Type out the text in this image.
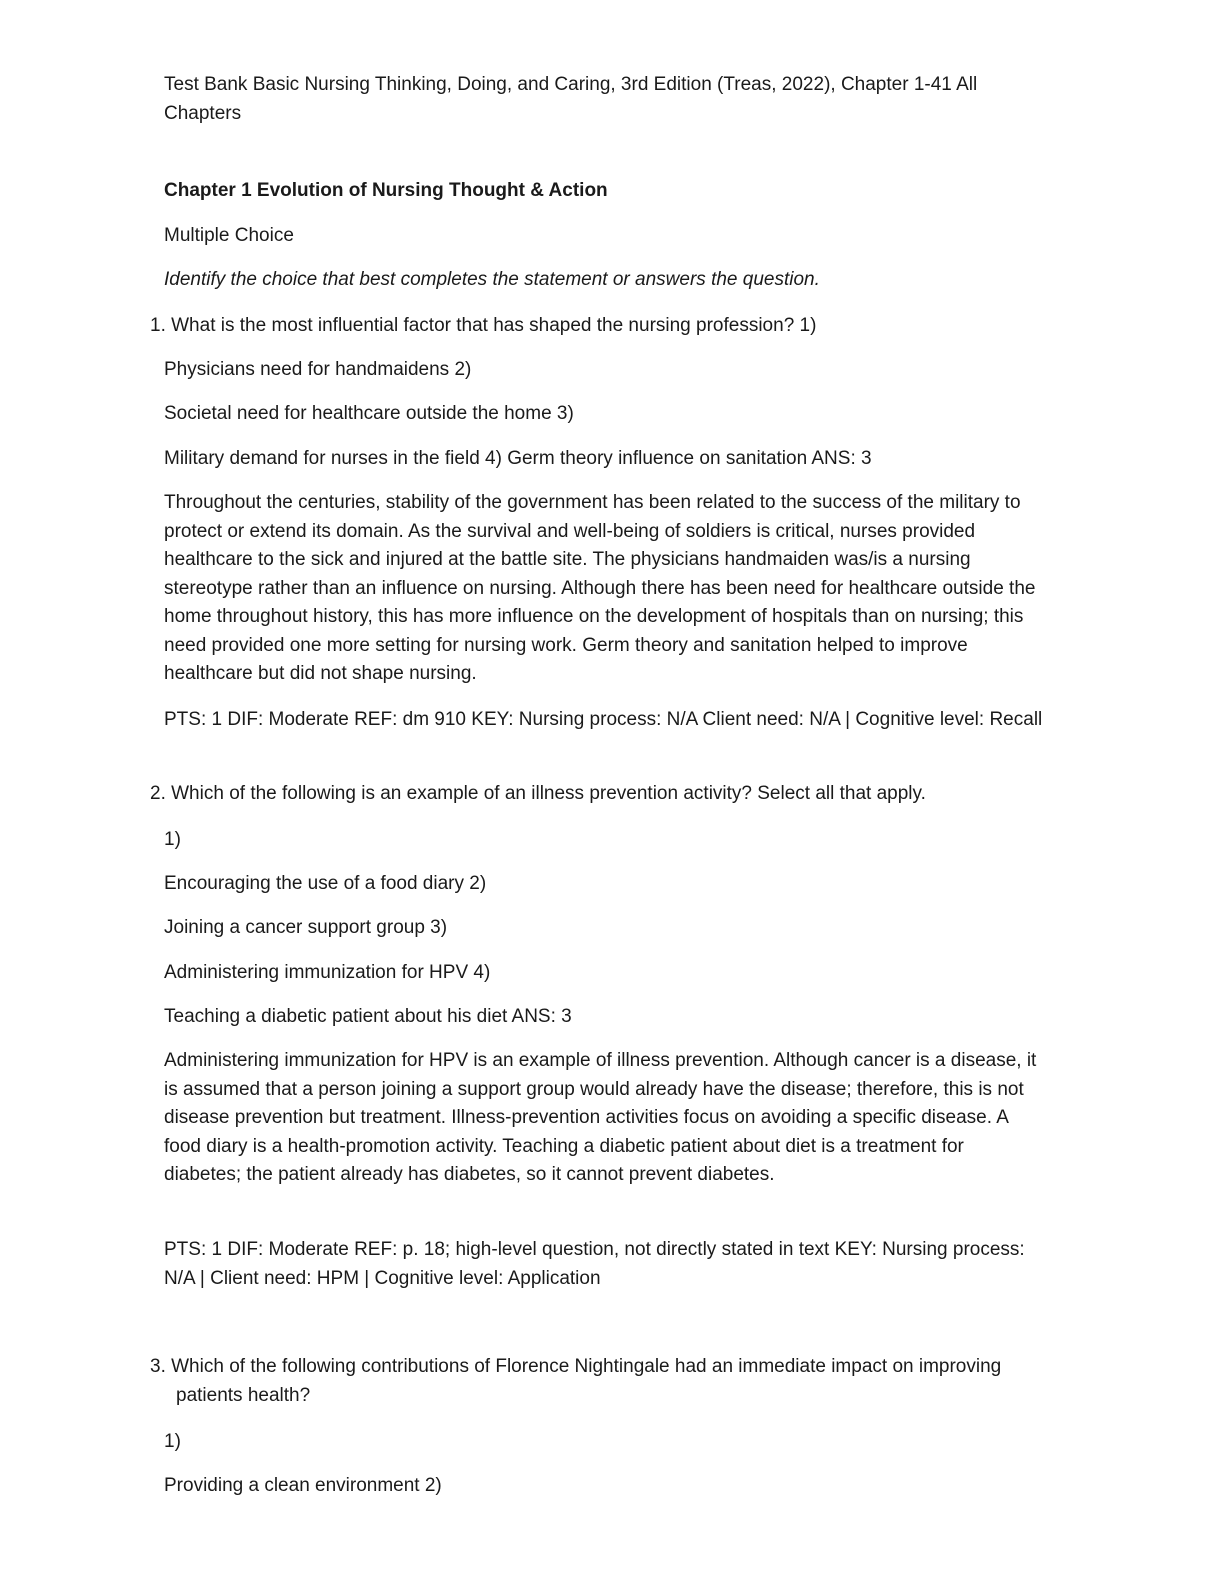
Test Bank Basic Nursing Thinking, Doing, and Caring, 3rd Edition (Treas, 2022), Chapter 1-41 All Chapters

Chapter 1 Evolution of Nursing Thought & Action

Multiple Choice

Identify the choice that best completes the statement or answers the question.

1. What is the most influential factor that has shaped the nursing profession? 1)

Physicians need for handmaidens 2)

Societal need for healthcare outside the home 3)

Military demand for nurses in the field 4) Germ theory influence on sanitation ANS: 3

Throughout the centuries, stability of the government has been related to the success of the military to protect or extend its domain. As the survival and well-being of soldiers is critical, nurses provided healthcare to the sick and injured at the battle site. The physicians handmaiden was/is a nursing stereotype rather than an influence on nursing. Although there has been need for healthcare outside the home throughout history, this has more influence on the development of hospitals than on nursing; this need provided one more setting for nursing work. Germ theory and sanitation helped to improve healthcare but did not shape nursing.

PTS: 1 DIF: Moderate REF: dm 910 KEY: Nursing process: N/A Client need: N/A | Cognitive level: Recall

2. Which of the following is an example of an illness prevention activity? Select all that apply.

1)

Encouraging the use of a food diary 2)

Joining a cancer support group 3)

Administering immunization for HPV 4)

Teaching a diabetic patient about his diet ANS: 3

Administering immunization for HPV is an example of illness prevention. Although cancer is a disease, it is assumed that a person joining a support group would already have the disease; therefore, this is not disease prevention but treatment. Illness-prevention activities focus on avoiding a specific disease. A food diary is a health-promotion activity. Teaching a diabetic patient about diet is a treatment for diabetes; the patient already has diabetes, so it cannot prevent diabetes.

PTS: 1 DIF: Moderate REF: p. 18; high-level question, not directly stated in text KEY: Nursing process: N/A | Client need: HPM | Cognitive level: Application

3. Which of the following contributions of Florence Nightingale had an immediate impact on improving patients health?

1)

Providing a clean environment 2)
